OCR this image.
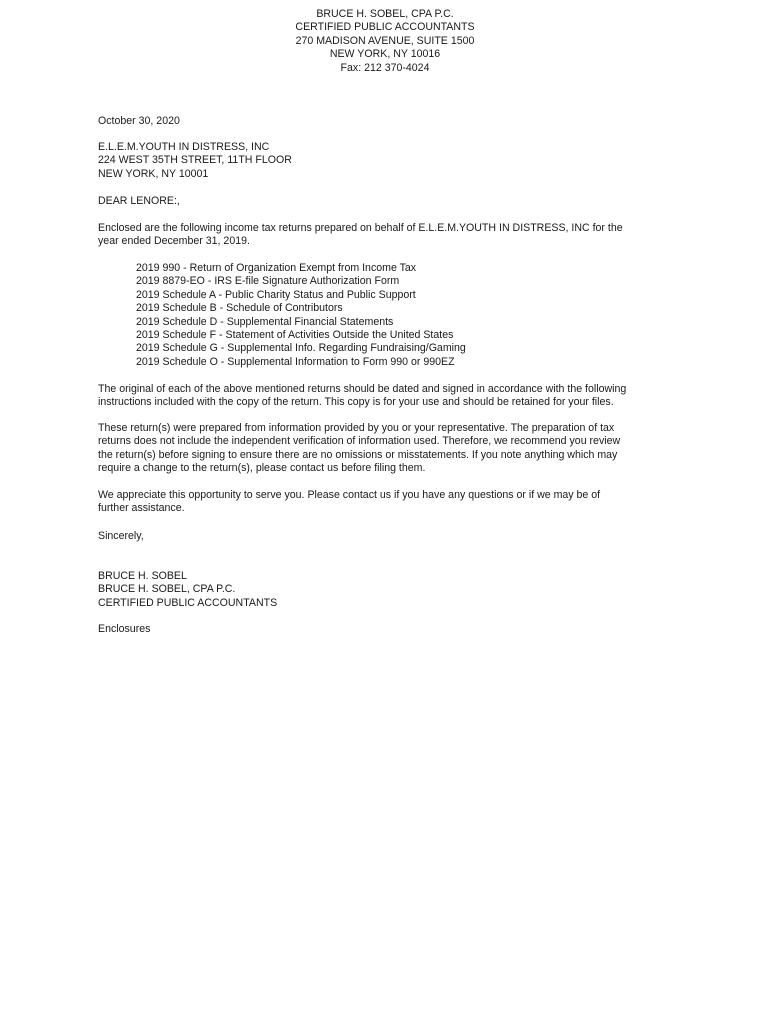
BRUCE H. SOBEL, CPA P.C.
CERTIFIED PUBLIC ACCOUNTANTS
270 MADISON AVENUE, SUITE 1500
NEW YORK, NY 10016
Fax: 212 370-4024
October 30, 2020
E.L.E.M.YOUTH IN DISTRESS, INC
224 WEST 35TH STREET, 11TH FLOOR
NEW YORK, NY 10001
DEAR LENORE:,
Enclosed are the following income tax returns prepared on behalf of E.L.E.M.YOUTH IN DISTRESS, INC for the
year ended December 31, 2019.
2019 990 - Return of Organization Exempt from Income Tax
2019 8879-EO - IRS E-file Signature Authorization Form
2019 Schedule A - Public Charity Status and Public Support
2019 Schedule B - Schedule of Contributors
2019 Schedule D - Supplemental Financial Statements
2019 Schedule F - Statement of Activities Outside the United States
2019 Schedule G - Supplemental Info. Regarding Fundraising/Gaming
2019 Schedule O - Supplemental Information to Form 990 or 990EZ
The original of each of the above mentioned returns should be dated and signed in accordance with the following
instructions included with the copy of the return. This copy is for your use and should be retained for your files.
These return(s) were prepared from information provided by you or your representative. The preparation of tax
returns does not include the independent verification of information used. Therefore, we recommend you review
the return(s) before signing to ensure there are no omissions or misstatements. If you note anything which may
require a change to the return(s), please contact us before filing them.
We appreciate this opportunity to serve you. Please contact us if you have any questions or if we may be of
further assistance.
Sincerely,
BRUCE H. SOBEL
BRUCE H. SOBEL, CPA P.C.
CERTIFIED PUBLIC ACCOUNTANTS
Enclosures
